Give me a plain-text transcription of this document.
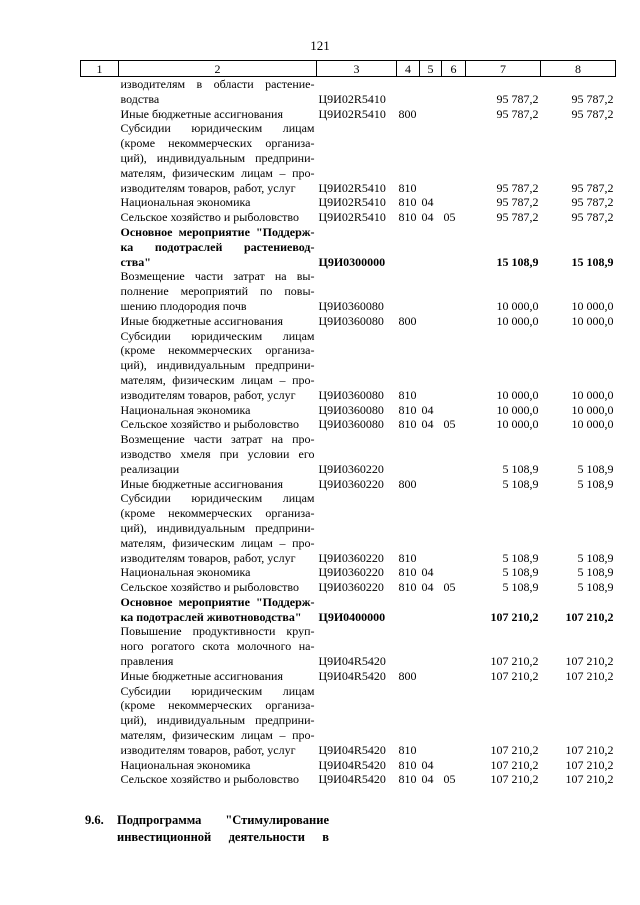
121
1	2	3	4	5	6	7	8

	изводителям в области растение-
водства	Ц9И02R5410				95 787,2	95 787,2

	Иные бюджетные ассигнования	Ц9И02R5410	800			95 787,2	95 787,2

	Субсидии юридическим лицам
(кроме некоммерческих организа-
ций), индивидуальным предприни-
мателям, физическим лицам – про-
изводителям товаров, работ, услуг	Ц9И02R5410	810			95 787,2	95 787,2

	Национальная экономика	Ц9И02R5410	810	04		95 787,2	95 787,2

	Сельское хозяйство и рыболовство	Ц9И02R5410	810	04	05	95 787,2	95 787,2

	Основное мероприятие "Поддерж-
ка подотраслей растениевод-
ства"	Ц9И0300000				15 108,9	15 108,9

	Возмещение части затрат на вы-
полнение мероприятий по повы-
шению плодородия почв	Ц9И0360080				10 000,0	10 000,0

	Иные бюджетные ассигнования	Ц9И0360080	800			10 000,0	10 000,0

	Субсидии юридическим лицам
(кроме некоммерческих организа-
ций), индивидуальным предприни-
мателям, физическим лицам – про-
изводителям товаров, работ, услуг	Ц9И0360080	810			10 000,0	10 000,0

	Национальная экономика	Ц9И0360080	810	04		10 000,0	10 000,0

	Сельское хозяйство и рыболовство	Ц9И0360080	810	04	05	10 000,0	10 000,0

	Возмещение части затрат на про-
изводство хмеля при условии его
реализации	Ц9И0360220				5 108,9	5 108,9

	Иные бюджетные ассигнования	Ц9И0360220	800			5 108,9	5 108,9

	Субсидии юридическим лицам
(кроме некоммерческих организа-
ций), индивидуальным предприни-
мателям, физическим лицам – про-
изводителям товаров, работ, услуг	Ц9И0360220	810			5 108,9	5 108,9

	Национальная экономика	Ц9И0360220	810	04		5 108,9	5 108,9

	Сельское хозяйство и рыболовство	Ц9И0360220	810	04	05	5 108,9	5 108,9

	Основное мероприятие "Поддерж-
ка подотраслей животноводства"	Ц9И0400000				107 210,2	107 210,2

	Повышение продуктивности круп-
ного рогатого скота молочного на-
правления	Ц9И04R5420				107 210,2	107 210,2

	Иные бюджетные ассигнования	Ц9И04R5420	800			107 210,2	107 210,2

	Субсидии юридическим лицам
(кроме некоммерческих организа-
ций), индивидуальным предприни-
мателям, физическим лицам – про-
изводителям товаров, работ, услуг	Ц9И04R5420	810			107 210,2	107 210,2

	Национальная экономика	Ц9И04R5420	810	04		107 210,2	107 210,2

	Сельское хозяйство и рыболовство	Ц9И04R5420	810	04	05	107 210,2	107 210,2
9.6. Подпрограмма "Стимулирование
инвестиционной деятельности в
